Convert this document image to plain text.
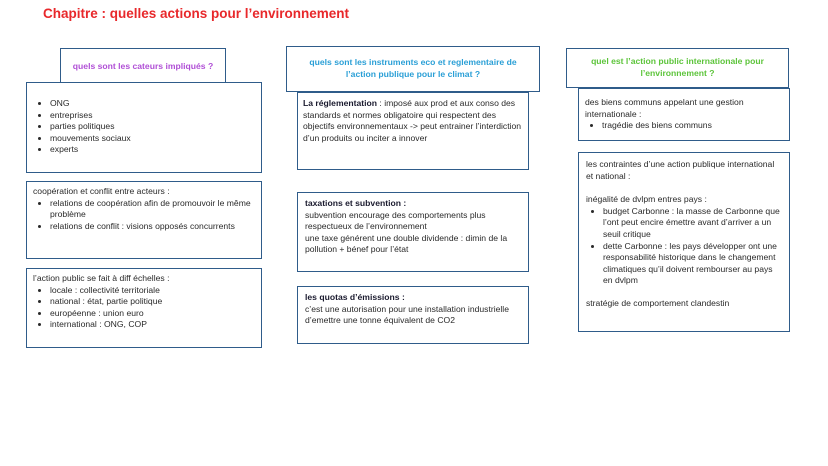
Chapitre : quelles actions pour l’environnement
quels sont les cateurs impliqués ?
• ONG
• entreprises
• parties politiques
• mouvements sociaux
• experts

coopération et conflit entre acteurs :

• relations de coopération afin de promouvoir le même problème
• relations de conflit : visions opposés concurrents

l’action public se fait à diff échelles :

• locale : collectivité territoriale
• national : état, partie politique
• européenne : union euro
• international : ONG, COP
quels sont les instruments eco et reglementaire de l’action publique pour le climat ?

La réglementation : imposé aux prod et aux conso des standards et normes obligatoire qui respectent des objectifs environnementaux -> peut entrainer l’interdiction d’un produits ou inciter a innover

taxations et subvention :

subvention encourage des comportements plus respectueux de l’environnement
une taxe générent une double dividende : dimin de la pollution + bénef pour l’état

les quotas d’émissions :

c’est une autorisation pour une installation industrielle d’emettre une tonne équivalent de CO2

quel est l’action public internationale pour l’environnement ?

des biens communs appelant une gestion internationale :

• tragédie des biens communs

les contraintes d’une action publique international et national :

inégalité de dvlpm entres pays :

• budget Carbonne : la masse de Carbonne que l’ont peut encire émettre avant d’arriver a un seuil critique
• dette Carbonne : les pays développer ont une responsabilité historique dans le changement climatiques qu’il doivent rembourser au pays en dvlpm

stratégie de comportement clandestin
